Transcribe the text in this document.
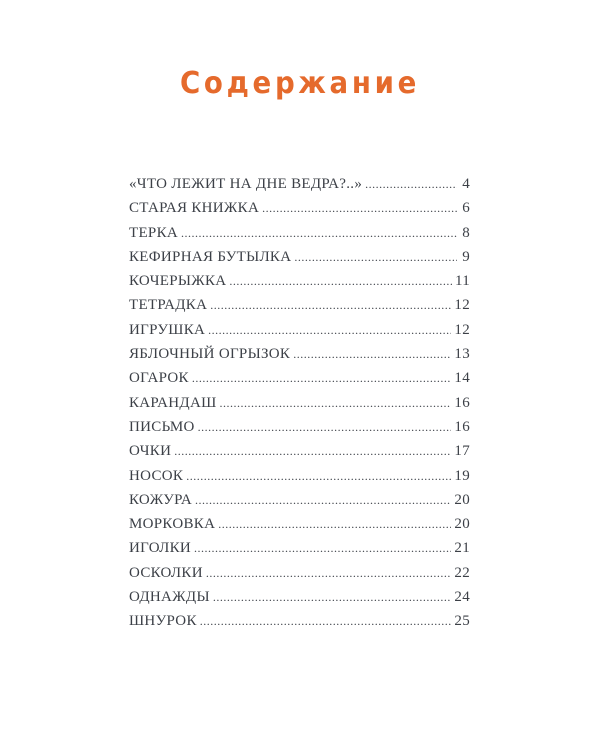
Содержание
«ЧТО ЛЕЖИТ НА ДНЕ ВЕДРА?..» .....	4
СТАРАЯ КНИЖКА .....	6
ТЕРКА .....	8
КЕФИРНАЯ БУТЫЛКА .....	9
КОЧЕРЫЖКА .....	11
ТЕТРАДКА .....	12
ИГРУШКА .....	12
ЯБЛОЧНЫЙ ОГРЫЗОК .....	13
ОГАРОК .....	14
КАРАНДАШ .....	16
ПИСЬМО .....	16
ОЧКИ .....	17
НОСОК .....	19
КОЖУРА .....	20
МОРКОВКА .....	20
ИГОЛКИ .....	21
ОСКОЛКИ .....	22
ОДНАЖДЫ .....	24
ШНУРОК .....	25
